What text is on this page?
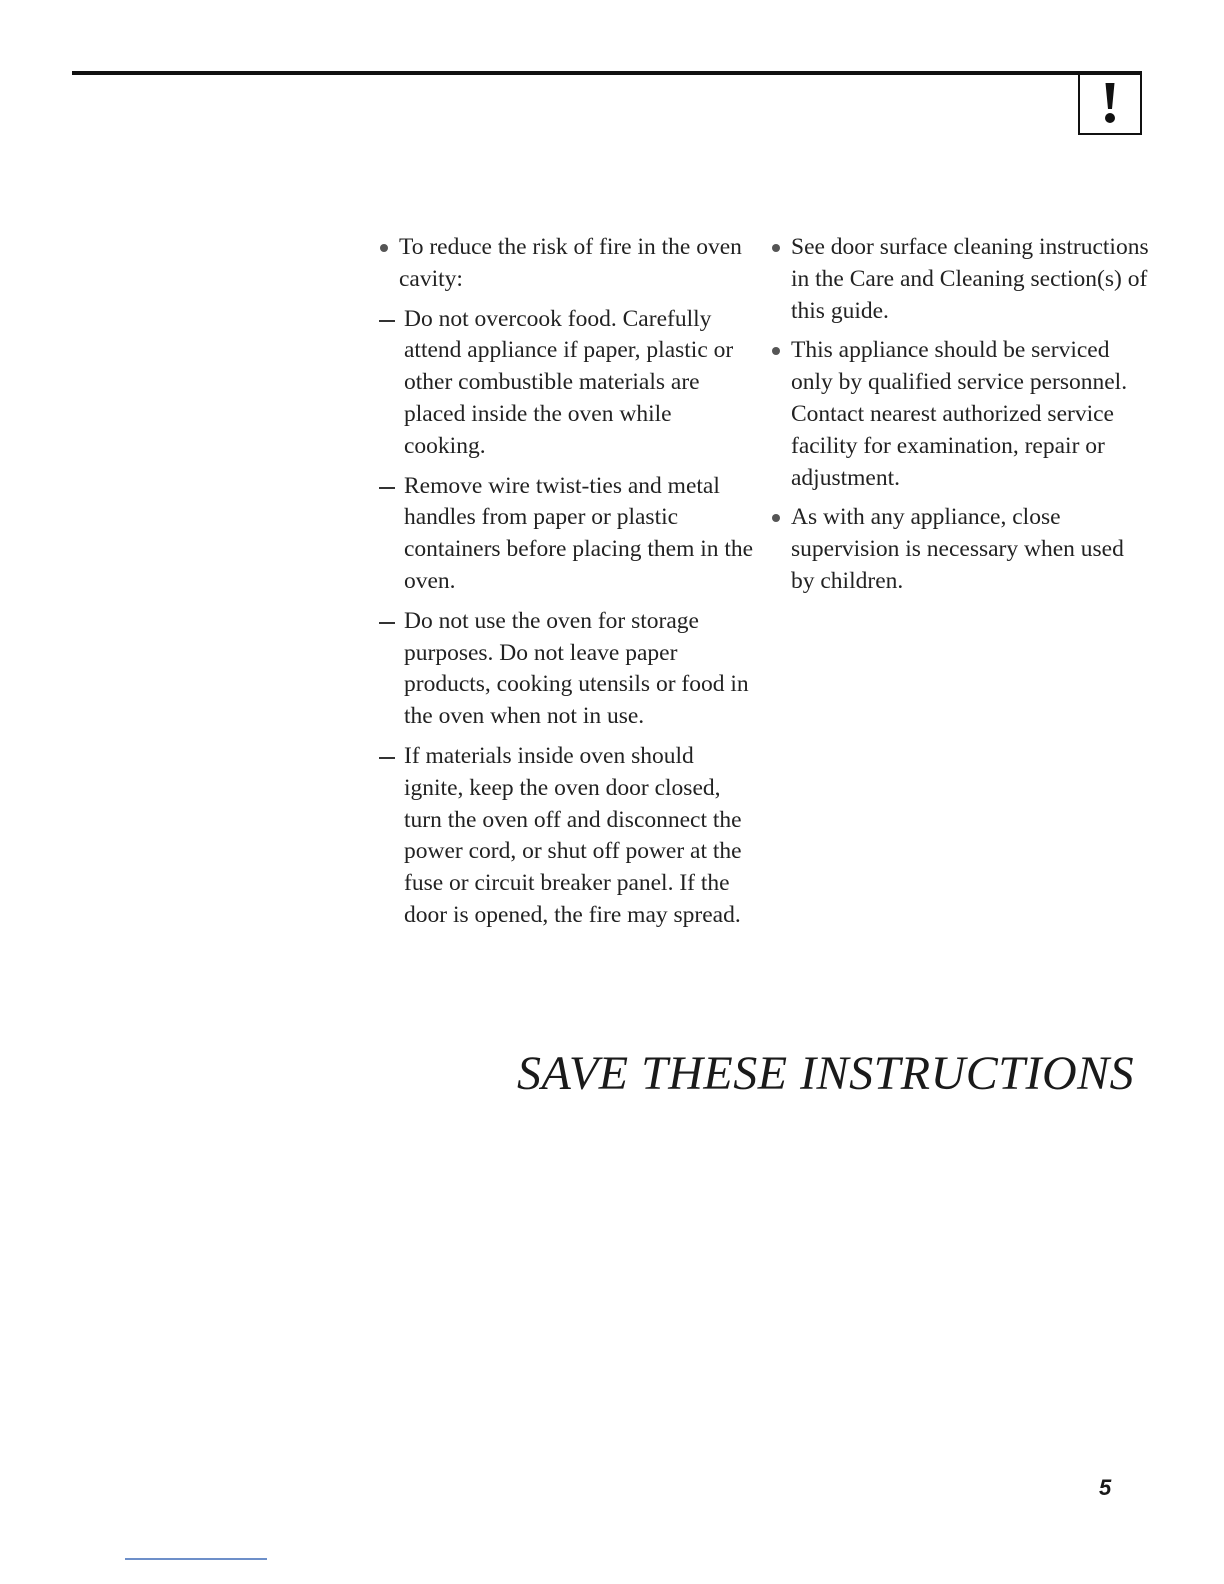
To reduce the risk of fire in the oven cavity:
Do not overcook food. Carefully attend appliance if paper, plastic or other combustible materials are placed inside the oven while cooking.
Remove wire twist-ties and metal handles from paper or plastic containers before placing them in the oven.
Do not use the oven for storage purposes. Do not leave paper products, cooking utensils or food in the oven when not in use.
If materials inside oven should ignite, keep the oven door closed, turn the oven off and disconnect the power cord, or shut off power at the fuse or circuit breaker panel. If the door is opened, the fire may spread.
See door surface cleaning instructions in the Care and Cleaning section(s) of this guide.
This appliance should be serviced only by qualified service personnel. Contact nearest authorized service facility for examination, repair or adjustment.
As with any appliance, close supervision is necessary when used by children.
SAVE THESE INSTRUCTIONS
5
